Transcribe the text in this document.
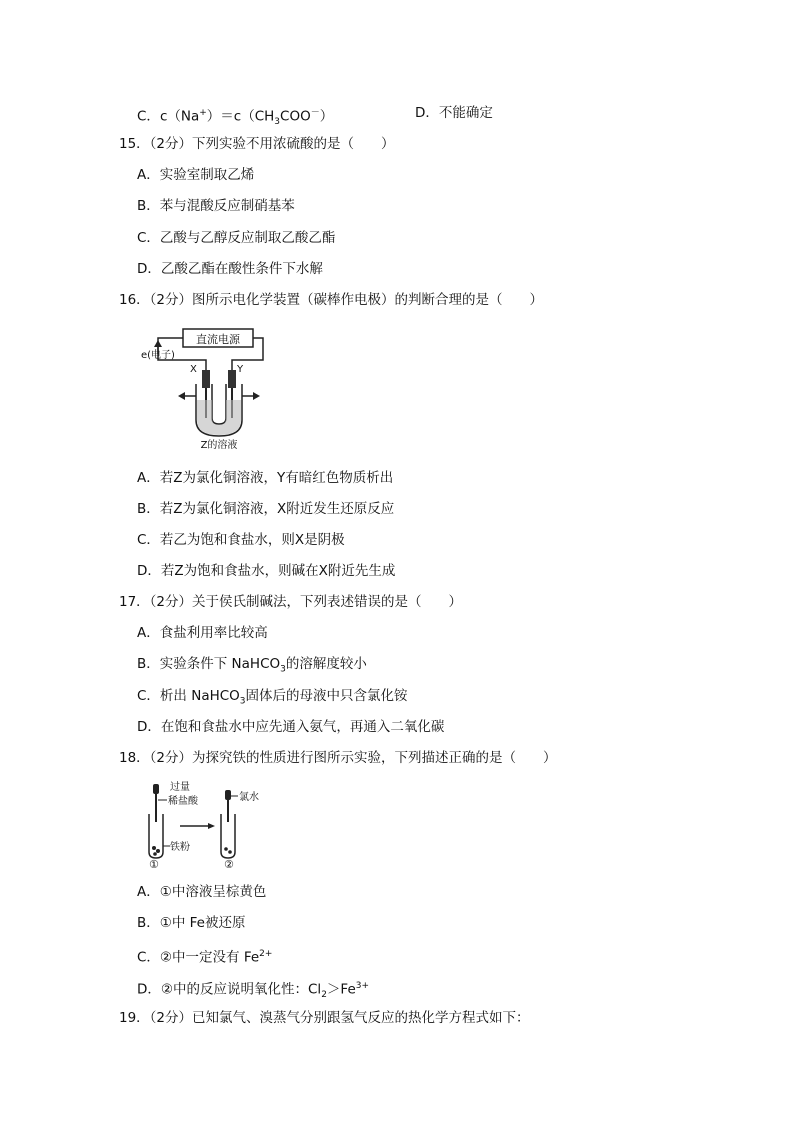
C．$c(Na^+)=c(CH_3COO^-)$	D．不能确定
15．（2分）下列实验不用浓硫酸的是（　　）
A．实验室制取乙烯
B．苯与混酸反应制硝基苯
C．乙酸与乙醇反应制取乙酸乙酯
D．乙酸乙酯在酸性条件下水解
16．（2分）图所示电化学装置（碳棒作电极）的判断合理的是（　　）
直流电源
e(电子)
X	Y
Z的溶液
A．若Z为氯化铜溶液，Y有暗红色物质析出
B．若Z为氯化铜溶液，X附近发生还原反应
C．若乙为饱和食盐水，则X是阴极
D．若Z为饱和食盐水，则碱在X附近先生成
17．（2分）关于侯氏制碱法，下列表述错误的是（　　）
A．食盐利用率比较高
B．实验条件下 NaHCO$_3$的溶解度较小
C．析出 NaHCO$_3$固体后的母液中只含氯化铵
D．在饱和食盐水中应先通入氨气，再通入二氧化碳
18．（2分）为探究铁的性质进行图所示实验，下列描述正确的是（　　）
过量
稀盐酸
铁粉
①
氯水
②
A．①中溶液呈棕黄色
B．①中 Fe被还原
C．②中一定没有 $Fe^{2+}$
D．②中的反应说明氧化性：$Cl_2>Fe^{3+}$
19．（2分）已知氯气、溴蒸气分别跟氢气反应的热化学方程式如下：
